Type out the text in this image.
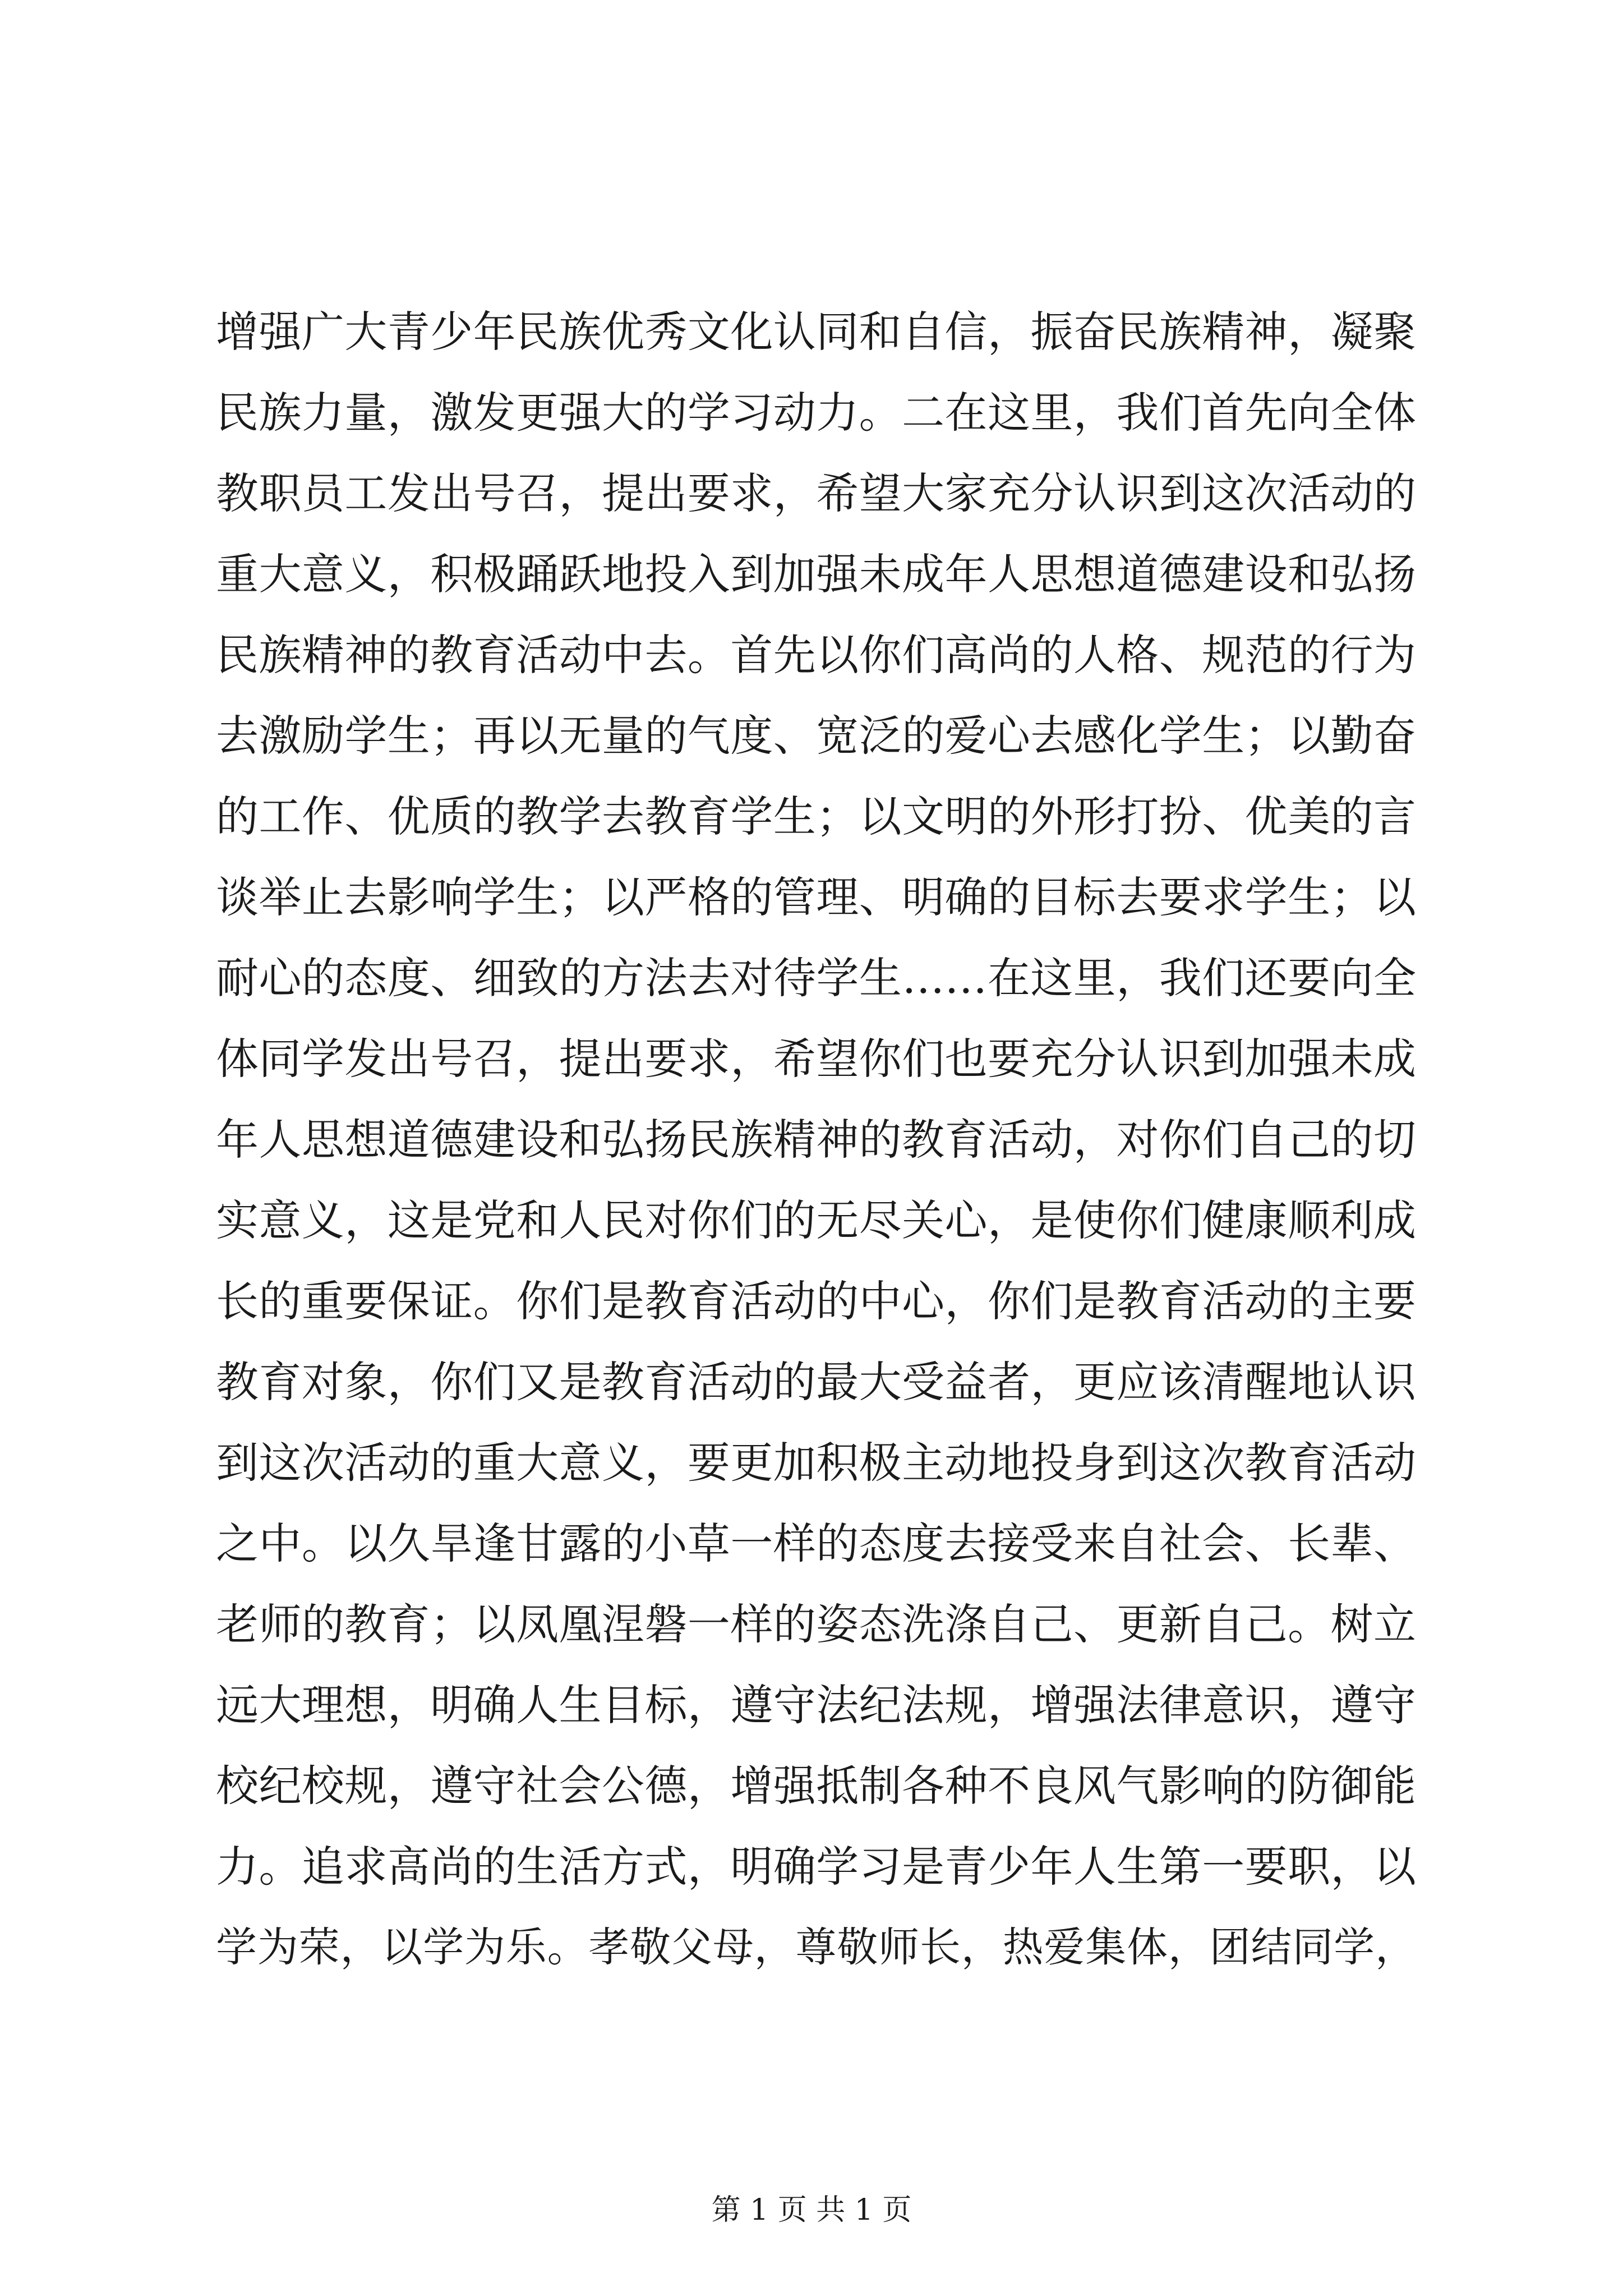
增强广大青少年民族优秀文化认同和自信，振奋民族精神，凝聚
民族力量，激发更强大的学习动力。二在这里，我们首先向全体
教职员工发出号召，提出要求，希望大家充分认识到这次活动的
重大意义，积极踊跃地投入到加强未成年人思想道德建设和弘扬
民族精神的教育活动中去。首先以你们高尚的人格、规范的行为
去激励学生；再以无量的气度、宽泛的爱心去感化学生；以勤奋
的工作、优质的教学去教育学生；以文明的外形打扮、优美的言
谈举止去影响学生；以严格的管理、明确的目标去要求学生；以
耐心的态度、细致的方法去对待学生……在这里，我们还要向全
体同学发出号召，提出要求，希望你们也要充分认识到加强未成
年人思想道德建设和弘扬民族精神的教育活动，对你们自己的切
实意义，这是党和人民对你们的无尽关心，是使你们健康顺利成
长的重要保证。你们是教育活动的中心，你们是教育活动的主要
教育对象，你们又是教育活动的最大受益者，更应该清醒地认识
到这次活动的重大意义，要更加积极主动地投身到这次教育活动
之中。以久旱逢甘露的小草一样的态度去接受来自社会、长辈、
老师的教育；以凤凰涅磐一样的姿态洗涤自己、更新自己。树立
远大理想，明确人生目标，遵守法纪法规，增强法律意识，遵守
校纪校规，遵守社会公德，增强抵制各种不良风气影响的防御能
力。追求高尚的生活方式，明确学习是青少年人生第一要职，以
学为荣，以学为乐。孝敬父母，尊敬师长，热爱集体，团结同学，
第 1 页 共 1 页
